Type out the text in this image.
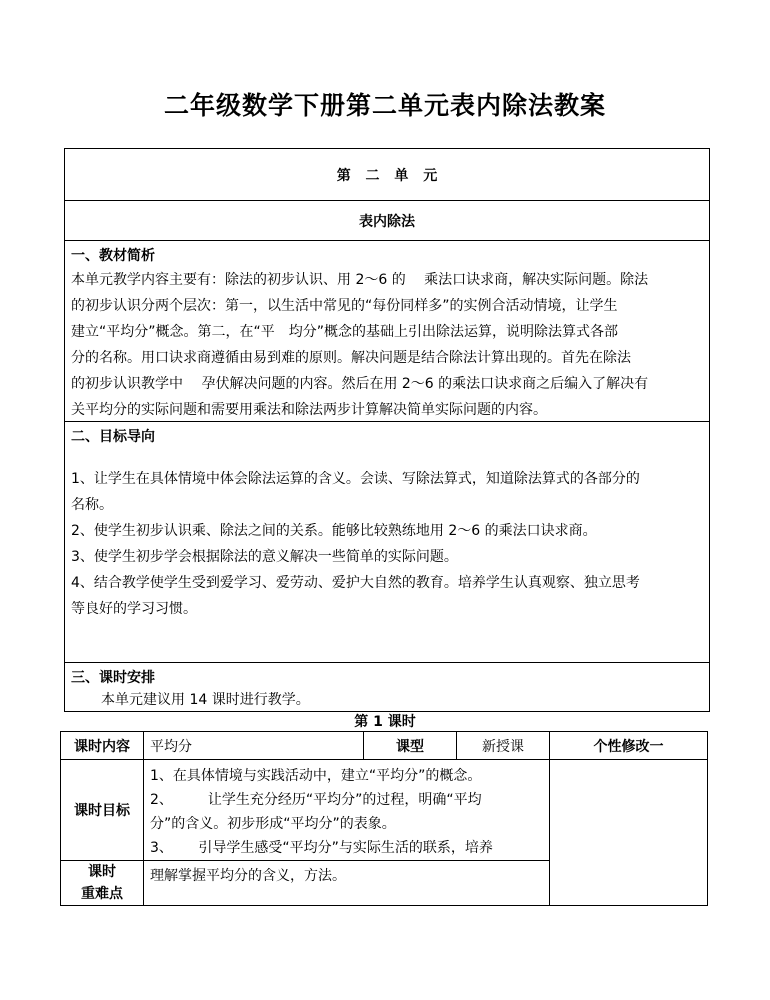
二年级数学下册第二单元表内除法教案
第 二 单 元
表内除法
一、教材简析

本单元教学内容主要有：除法的初步认识、用 2～6 的　 乘法口诀求商，解决实际问题。除法

的初步认识分两个层次：第一，以生活中常见的“每份同样多”的实例合活动情境，让学生

建立“平均分”概念。第二，在“平　均分”概念的基础上引出除法运算，说明除法算式各部

分的名称。用口诀求商遵循由易到难的原则。解决问题是结合除法计算出现的。首先在除法

的初步认识教学中　 孕伏解决问题的内容。然后在用 2～6 的乘法口诀求商之后编入了解决有

关平均分的实际问题和需要用乘法和除法两步计算解决简单实际问题的内容。

二、目标导向

1、让学生在具体情境中体会除法运算的含义。会读、写除法算式，知道除法算式的各部分的

名称。

2、使学生初步认识乘、除法之间的关系。能够比较熟练地用 2～6 的乘法口诀求商。

3、使学生初步学会根据除法的意义解决一些简单的实际问题。

4、结合教学使学生受到爱学习、爱劳动、爱护大自然的教育。培养学生认真观察、独立思考

等良好的学习习惯。

三、课时安排

本单元建议用 14 课时进行教学。

第 1 课时
课时内容	平均分	课型	新授课	个性修改一
课时目标	1、在具体情境与实践活动中，建立“平均分”的概念。
2、　　　让学生充分经历“平均分”的过程，明确“平均
分”的含义。初步形成“平均分”的表象。
3、　　 引导学生感受“平均分”与实际生活的联系，培养			

课时
重难点	理解掌握平均分的含义，方法。			
